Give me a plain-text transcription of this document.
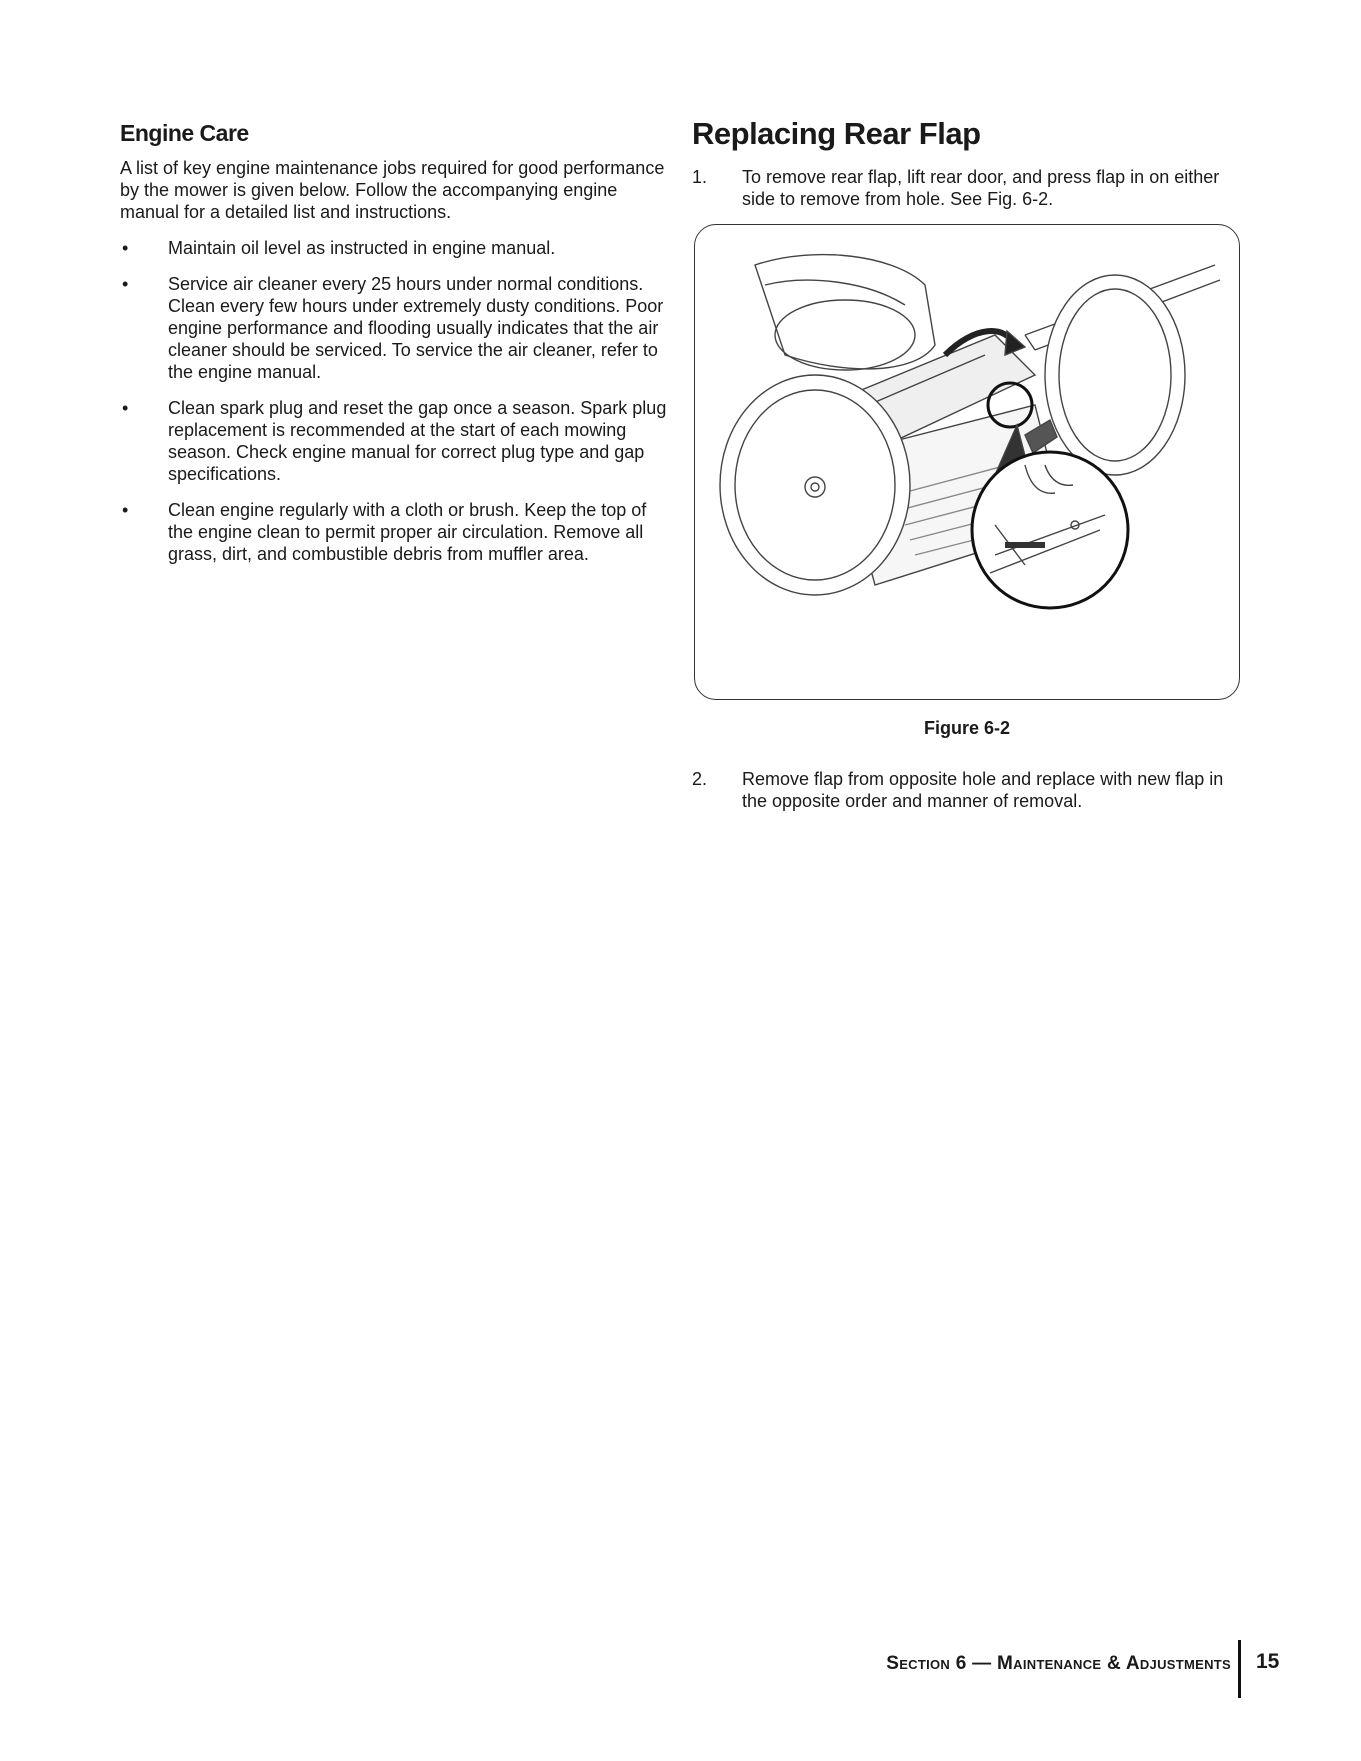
Engine Care

A list of key engine maintenance jobs required for good performance by the mower is given below. Follow the accompanying engine manual for a detailed list and instructions.

• Maintain oil level as instructed in engine manual.
• Service air cleaner every 25 hours under normal conditions. Clean every few hours under extremely dusty conditions. Poor engine performance and flooding usually indicates that the air cleaner should be serviced. To service the air cleaner, refer to the engine manual.
• Clean spark plug and reset the gap once a season. Spark plug replacement is recommended at the start of each mowing season. Check engine manual for correct plug type and gap specifications.
• Clean engine regularly with a cloth or brush. Keep the top of the engine clean to permit proper air circulation. Remove all grass, dirt, and combustible debris from muffler area.
Replacing Rear Flap
1. To remove rear flap, lift rear door, and press flap in on either side to remove from hole. See Fig. 6-2.
Figure 6-2
2. Remove flap from opposite hole and replace with new flap in the opposite order and manner of removal.
Section 6 — Maintenance & Adjustments 15
